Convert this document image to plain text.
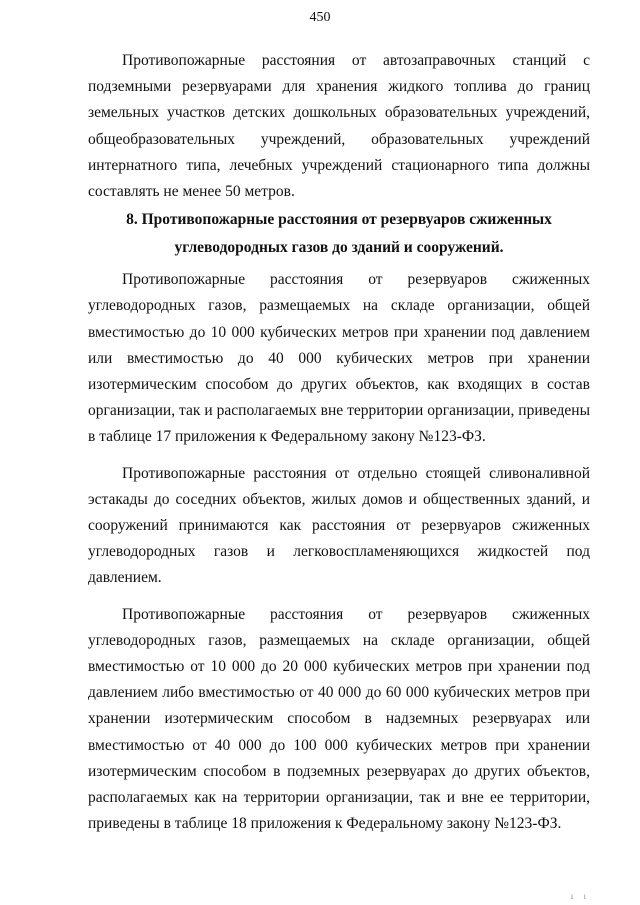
450

Противопожарные расстояния от автозаправочных станций с подземными резервуарами для хранения жидкого топлива до границ земельных участков детских дошкольных образовательных учреждений, общеобразовательных учреждений, образовательных учреждений интернатного типа, лечебных учреждений стационарного типа должны составлять не менее 50 метров.

8. Противопожарные расстояния от резервуаров сжиженных
углеводородных газов до зданий и сооружений.

Противопожарные расстояния от резервуаров сжиженных углеводородных газов, размещаемых на складе организации, общей вместимостью до 10 000 кубических метров при хранении под давлением или вместимостью до 40 000 кубических метров при хранении изотермическим способом до других объектов, как входящих в состав организации, так и располагаемых вне территории организации, приведены в таблице 17 приложения к Федеральному закону №123-ФЗ.

Противопожарные расстояния от отдельно стоящей сливоналивной эстакады до соседних объектов, жилых домов и общественных зданий, и сооружений принимаются как расстояния от резервуаров сжиженных углеводородных газов и легковоспламеняющихся жидкостей под давлением.

Противопожарные расстояния от резервуаров сжиженных углеводородных газов, размещаемых на складе организации, общей вместимостью от 10 000 до 20 000 кубических метров при хранении под давлением либо вместимостью от 40 000 до 60 000 кубических метров при хранении изотермическим способом в надземных резервуарах или вместимостью от 40 000 до 100 000 кубических метров при хранении изотермическим способом в подземных резервуарах до других объектов, располагаемых как на территории организации, так и вне ее территории, приведены в таблице 18 приложения к Федеральному закону №123-ФЗ.

ı ı
